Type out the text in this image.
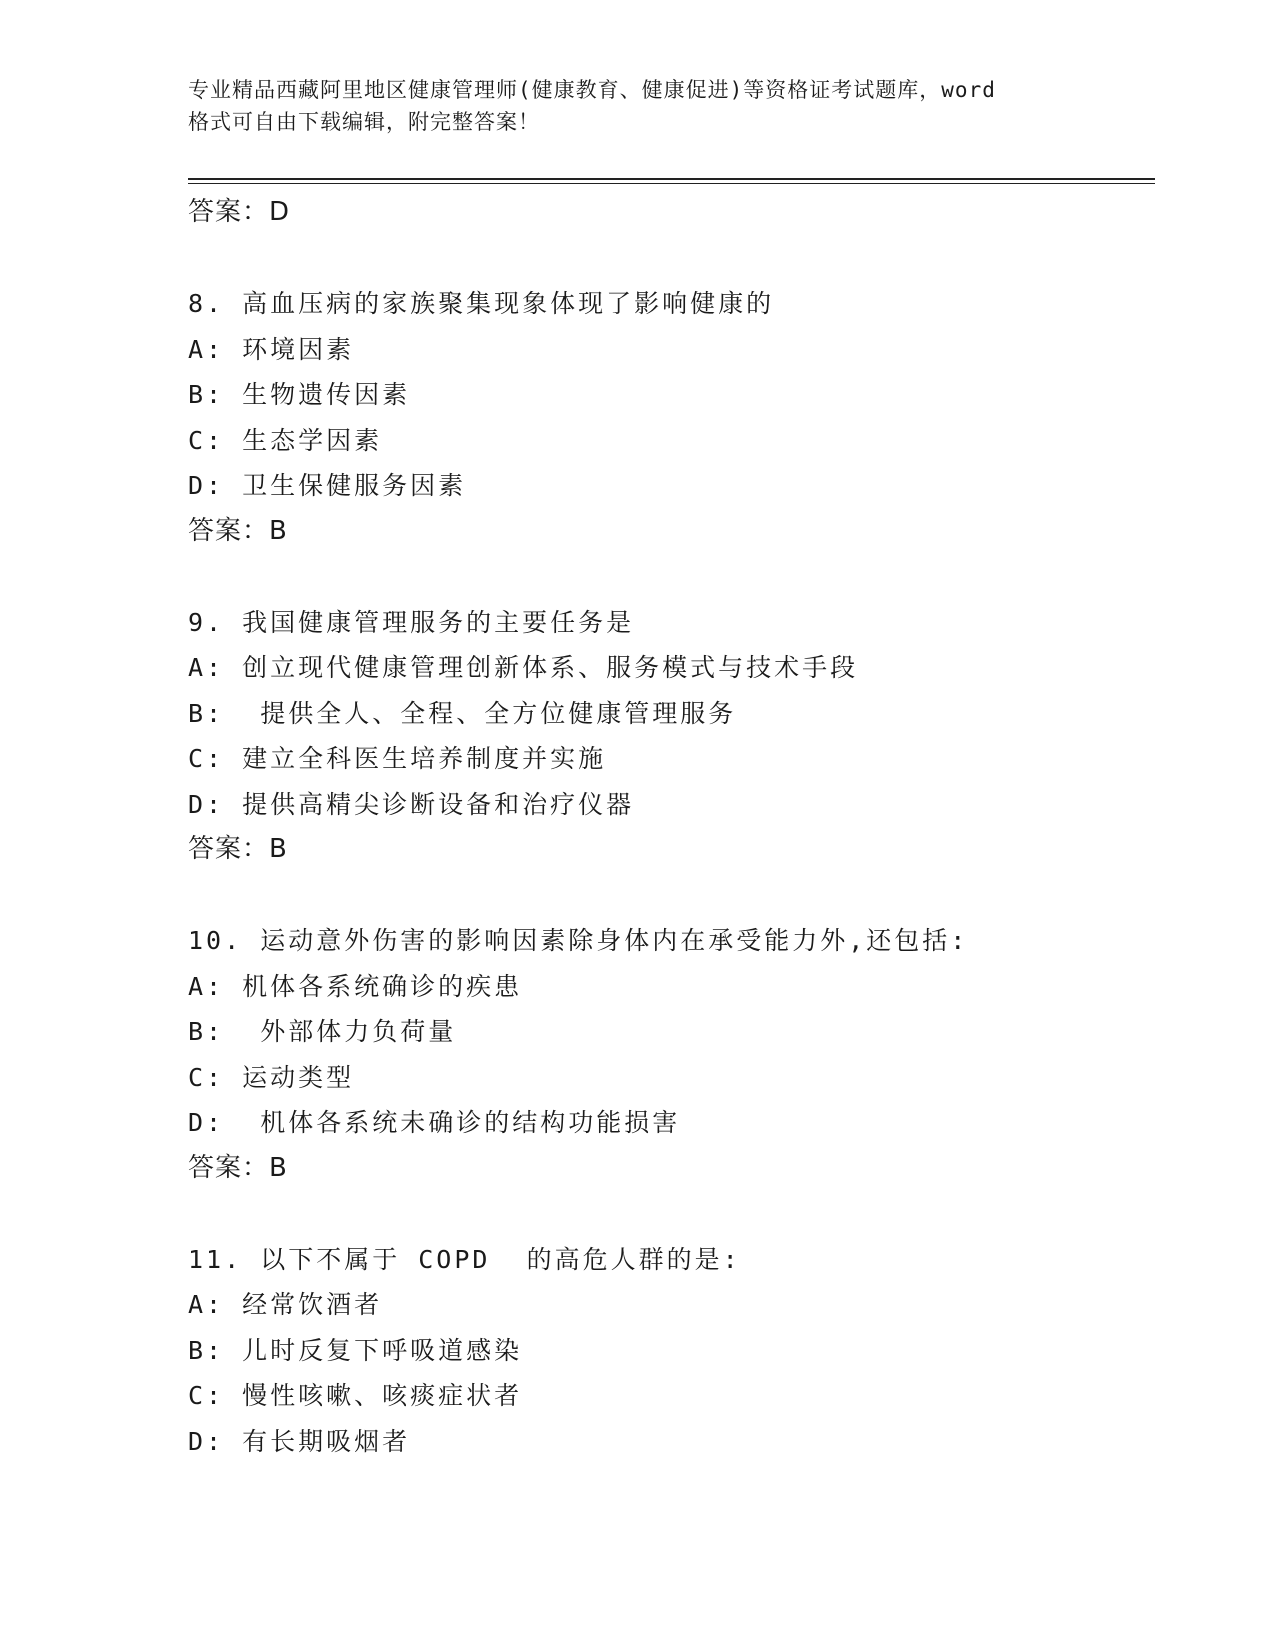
专业精品西藏阿里地区健康管理师(健康教育、健康促进)等资格证考试题库，word
格式可自由下载编辑，附完整答案！
答案：D
8. 高血压病的家族聚集现象体现了影响健康的
A: 环境因素
B: 生物遗传因素
C: 生态学因素
D: 卫生保健服务因素
答案：B
9. 我国健康管理服务的主要任务是
A: 创立现代健康管理创新体系、服务模式与技术手段
B:  提供全人、全程、全方位健康管理服务
C: 建立全科医生培养制度并实施
D: 提供高精尖诊断设备和治疗仪器
答案：B
10. 运动意外伤害的影响因素除身体内在承受能力外,还包括:
A: 机体各系统确诊的疾患
B:  外部体力负荷量
C: 运动类型
D:  机体各系统未确诊的结构功能损害
答案：B
11. 以下不属于 COPD  的高危人群的是:
A: 经常饮酒者
B: 儿时反复下呼吸道感染
C: 慢性咳嗽、咳痰症状者
D: 有长期吸烟者
